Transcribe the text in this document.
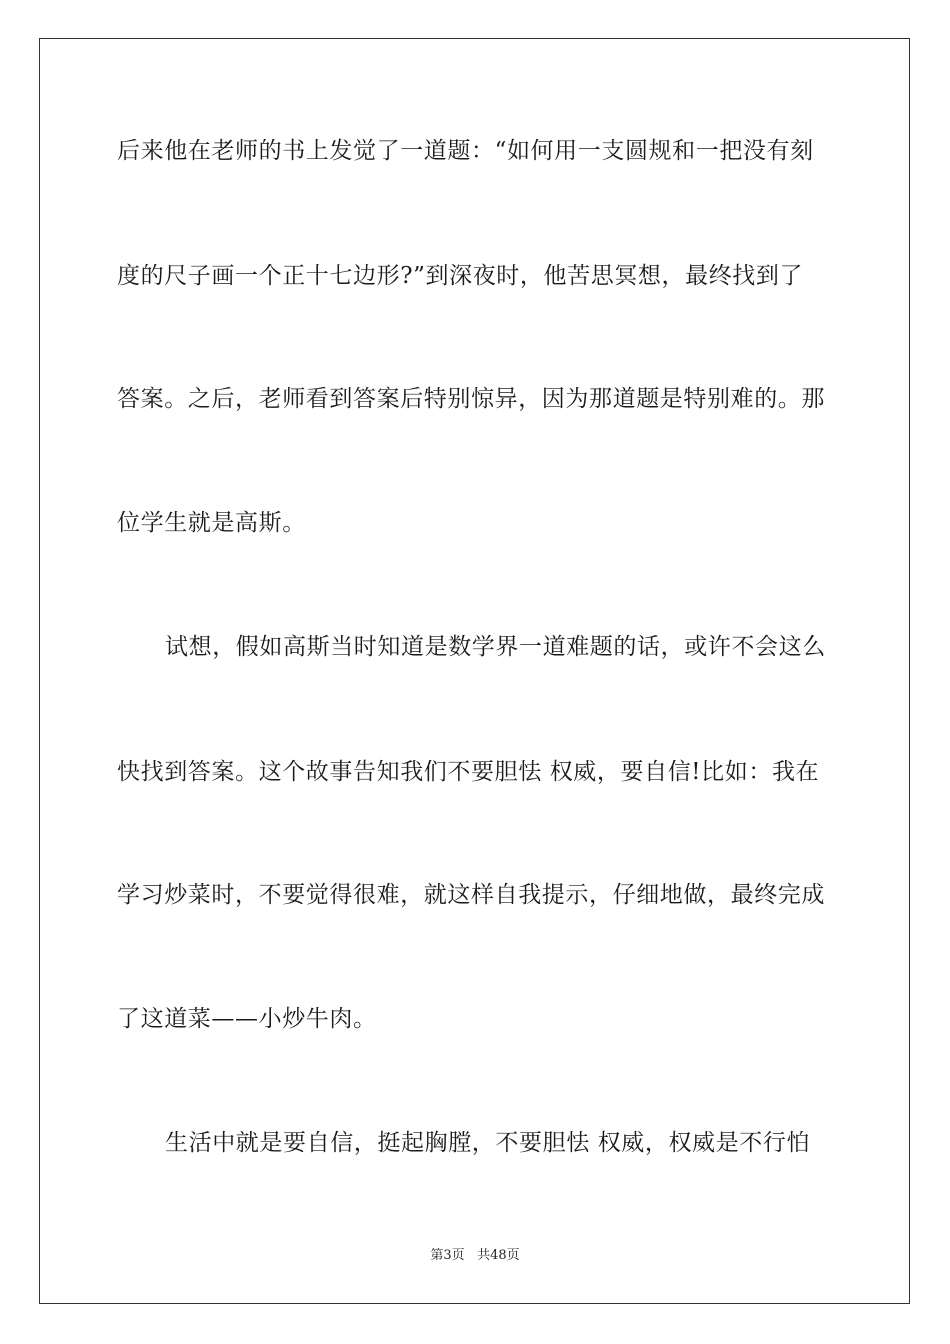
后来他在老师的书上发觉了一道题：“如何用一支圆规和一把没有刻
度的尺子画一个正十七边形?”到深夜时，他苦思冥想，最终找到了
答案。之后，老师看到答案后特别惊异，因为那道题是特别难的。那
位学生就是高斯。
试想，假如高斯当时知道是数学界一道难题的话，或许不会这么
快找到答案。这个故事告知我们不要胆怯 权威，要自信!比如：我在
学习炒菜时，不要觉得很难，就这样自我提示，仔细地做，最终完成
了这道菜——小炒牛肉。
生活中就是要自信，挺起胸膛，不要胆怯 权威，权威是不行怕
第3页 共48页
